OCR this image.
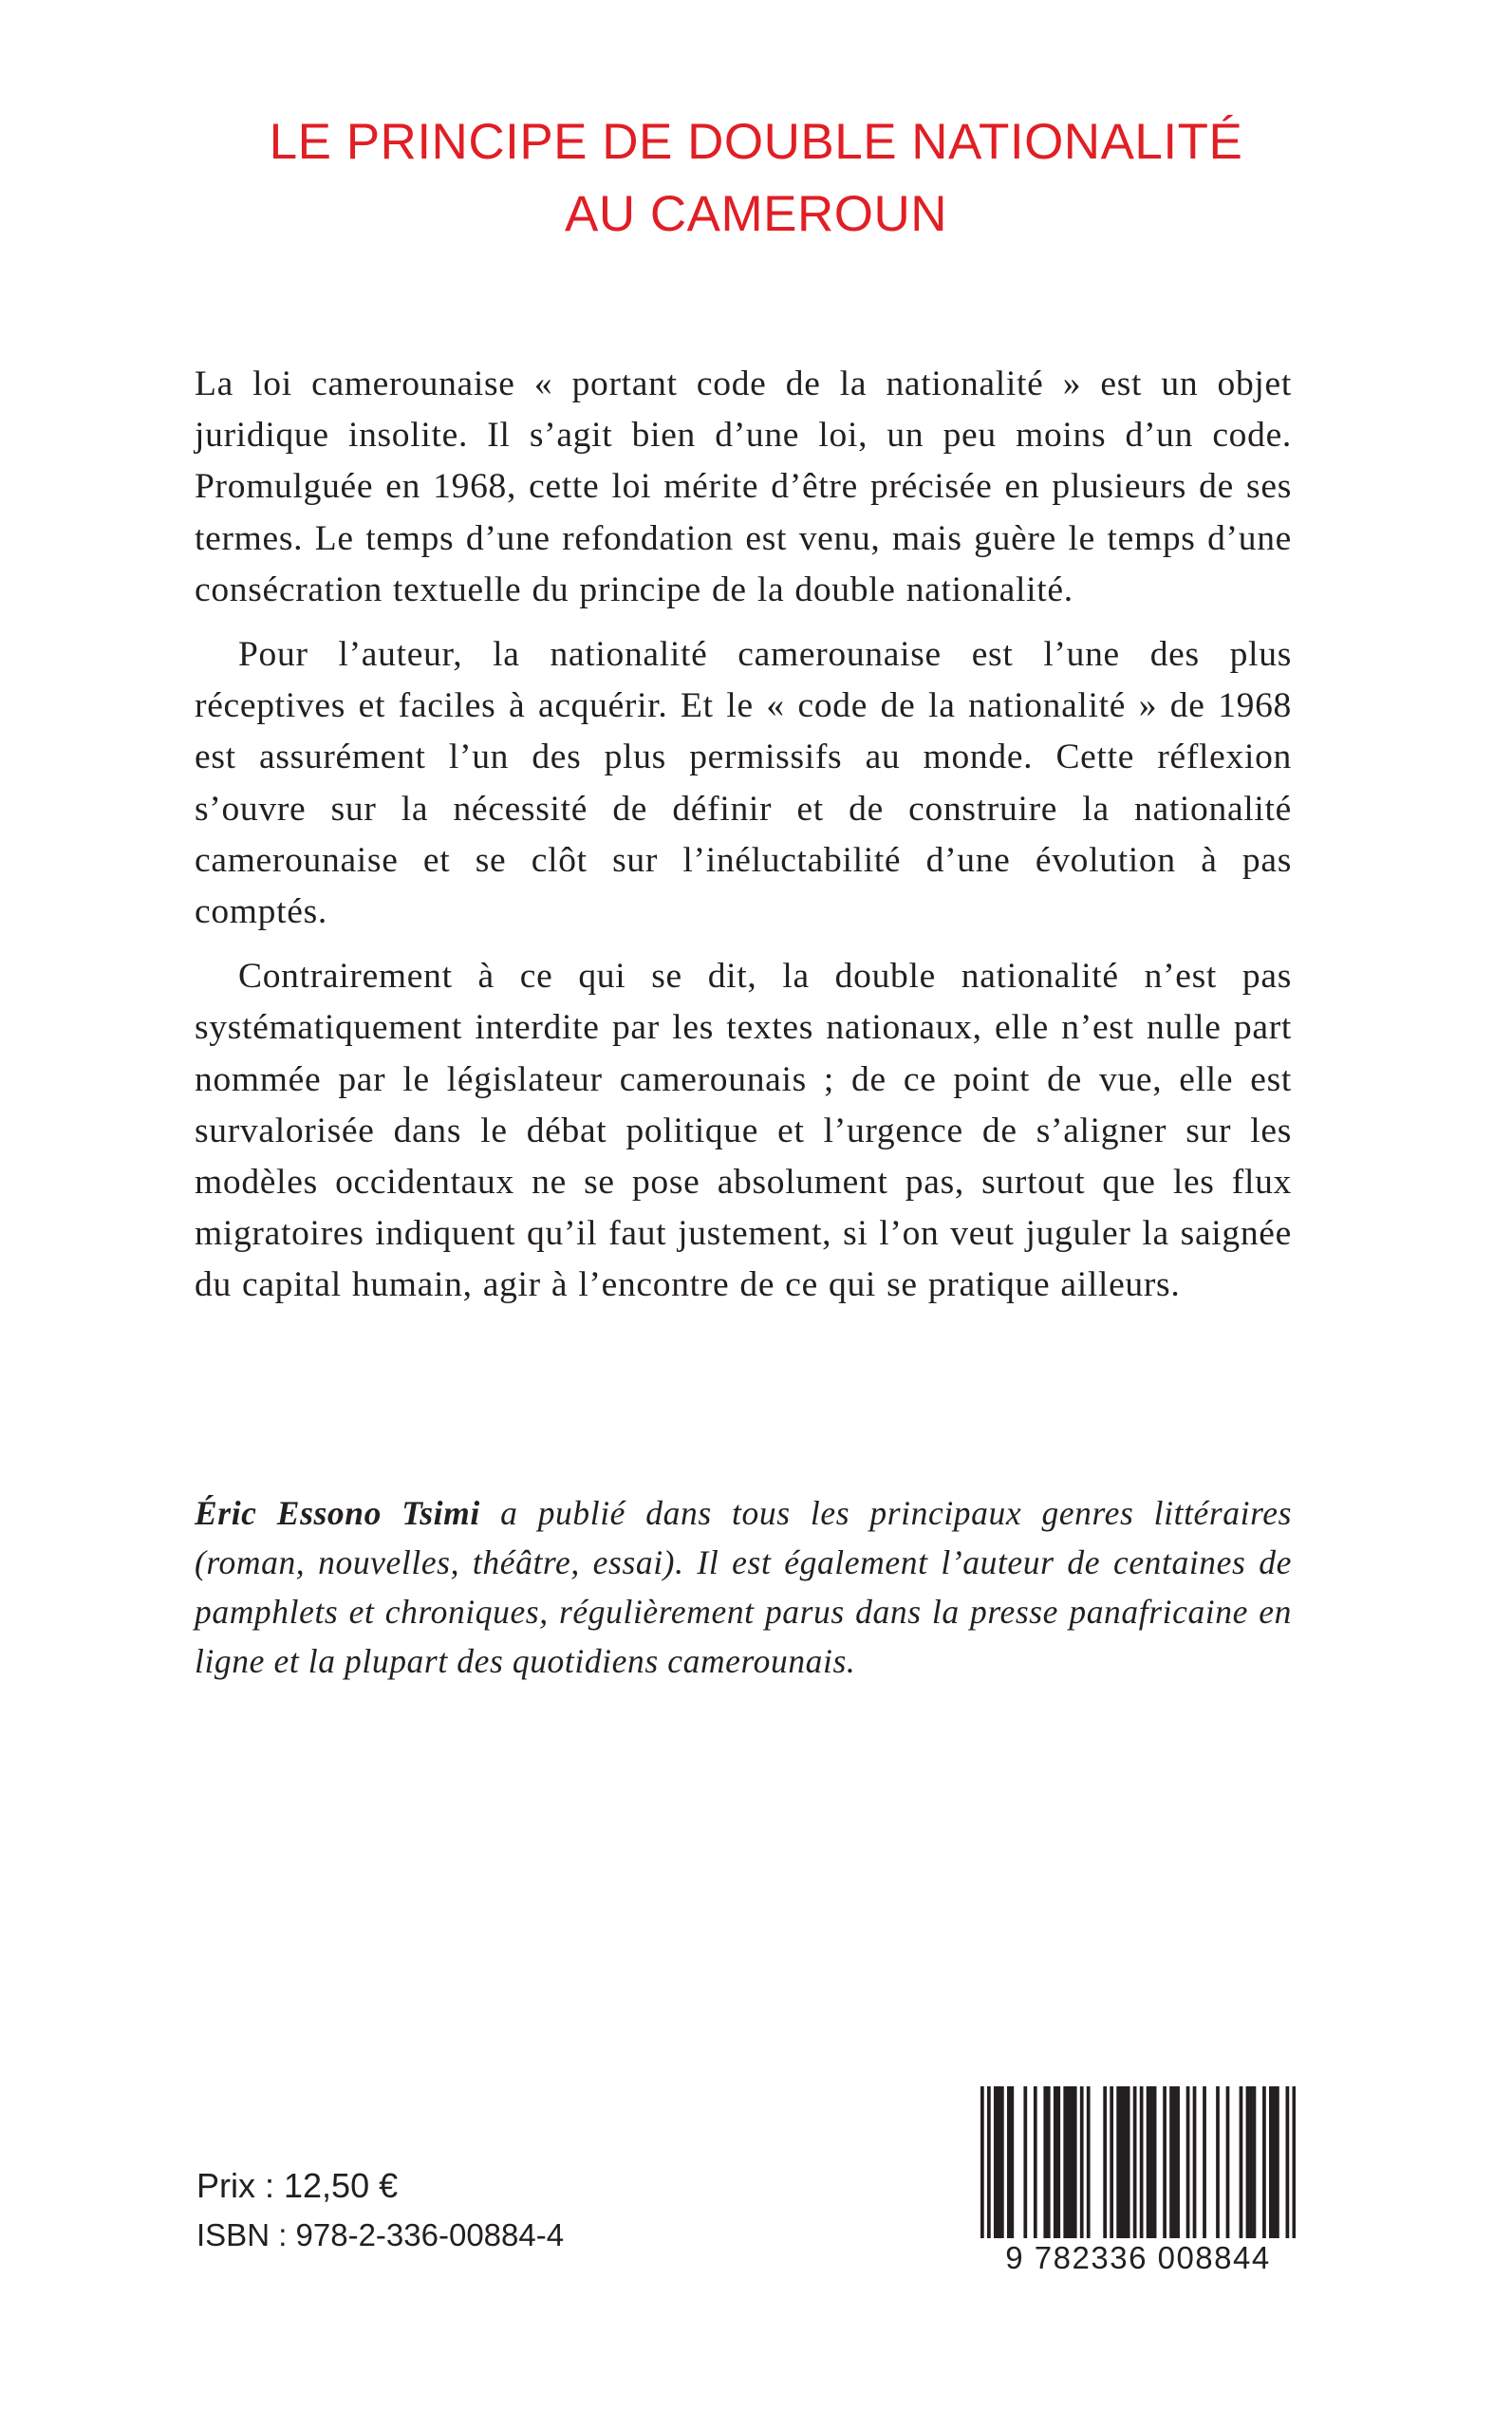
LE PRINCIPE DE DOUBLE NATIONALITÉ
AU CAMEROUN

La loi camerounaise « portant code de la nationalité » est un objet juridique insolite. Il s’agit bien d’une loi, un peu moins d’un code. Promulguée en 1968, cette loi mérite d’être précisée en plusieurs de ses termes. Le temps d’une refondation est venu, mais guère le temps d’une consécration textuelle du principe de la double nationalité.

Pour l’auteur, la nationalité camerounaise est l’une des plus réceptives et faciles à acquérir. Et le « code de la nationalité » de 1968 est assurément l’un des plus permissifs au monde. Cette réflexion s’ouvre sur la nécessité de définir et de construire la nationalité camerounaise et se clôt sur l’inéluctabilité d’une évolution à pas comptés.

Contrairement à ce qui se dit, la double nationalité n’est pas systématiquement interdite par les textes nationaux, elle n’est nulle part nommée par le législateur camerounais ; de ce point de vue, elle est survalorisée dans le débat politique et l’urgence de s’aligner sur les modèles occidentaux ne se pose absolument pas, surtout que les flux migratoires indiquent qu’il faut justement, si l’on veut juguler la saignée du capital humain, agir à l’encontre de ce qui se pratique ailleurs.

Éric Essono Tsimi a publié dans tous les principaux genres littéraires (roman, nouvelles, théâtre, essai). Il est également l’auteur de centaines de pamphlets et chroniques, régulièrement parus dans la presse panafricaine en ligne et la plupart des quotidiens camerounais.

Prix : 12,50 €
ISBN : 978-2-336-00884-4
9 782336 008844
